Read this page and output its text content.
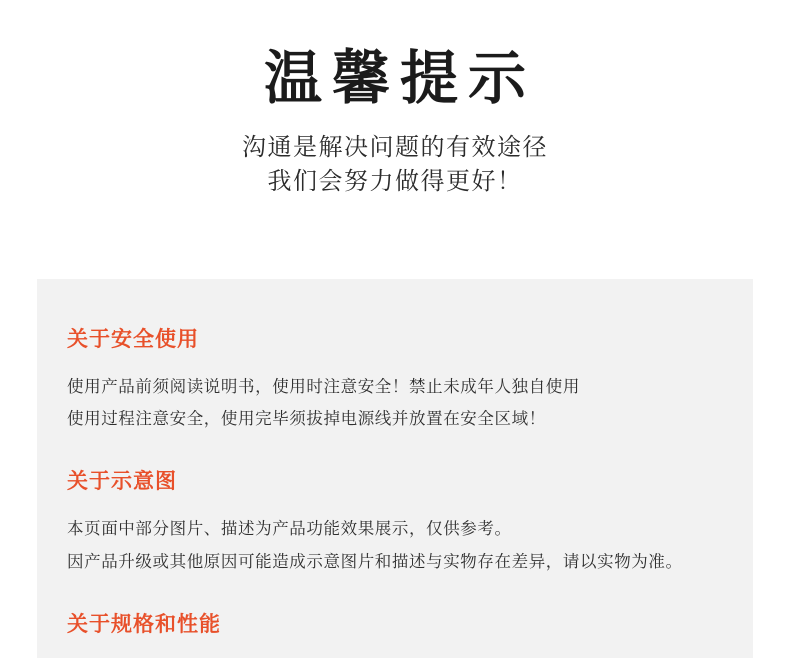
温馨提示
沟通是解决问题的有效途径
我们会努力做得更好！
关于安全使用

使用产品前须阅读说明书，使用时注意安全！禁止未成年人独自使用

使用过程注意安全，使用完毕须拔掉电源线并放置在安全区域！

关于示意图

本页面中部分图片、描述为产品功能效果展示，仅供参考。

因产品升级或其他原因可能造成示意图片和描述与实物存在差异，请以实物为准。

关于规格和性能
